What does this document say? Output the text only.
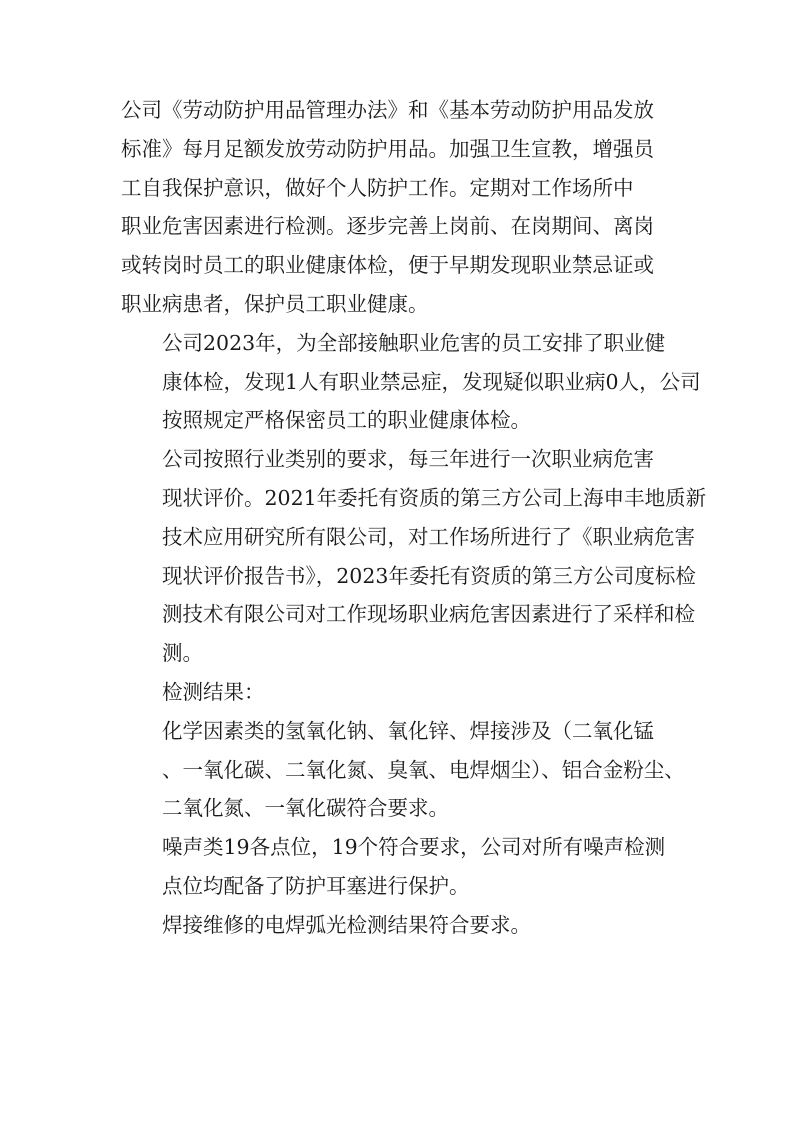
公司《劳动防护用品管理办法》和《基本劳动防护用品发放
标准》每月足额发放劳动防护用品。加强卫生宣教，增强员
工自我保护意识，做好个人防护工作。定期对工作场所中
职业危害因素进行检测。逐步完善上岗前、在岗期间、离岗
或转岗时员工的职业健康体检，便于早期发现职业禁忌证或
职业病患者，保护员工职业健康。

公司2023年，为全部接触职业危害的员工安排了职业健
康体检，发现1人有职业禁忌症，发现疑似职业病0人，公司
按照规定严格保密员工的职业健康体检。

公司按照行业类别的要求，每三年进行一次职业病危害
现状评价。2021年委托有资质的第三方公司上海申丰地质新
技术应用研究所有限公司，对工作场所进行了《职业病危害
现状评价报告书》，2023年委托有资质的第三方公司度标检
测技术有限公司对工作现场职业病危害因素进行了采样和检
测。

检测结果：

化学因素类的氢氧化钠、氧化锌、焊接涉及（二氧化锰
、一氧化碳、二氧化氮、臭氧、电焊烟尘）、铝合金粉尘、
二氧化氮、一氧化碳符合要求。

噪声类19各点位，19个符合要求，公司对所有噪声检测
点位均配备了防护耳塞进行保护。

焊接维修的电焊弧光检测结果符合要求。
